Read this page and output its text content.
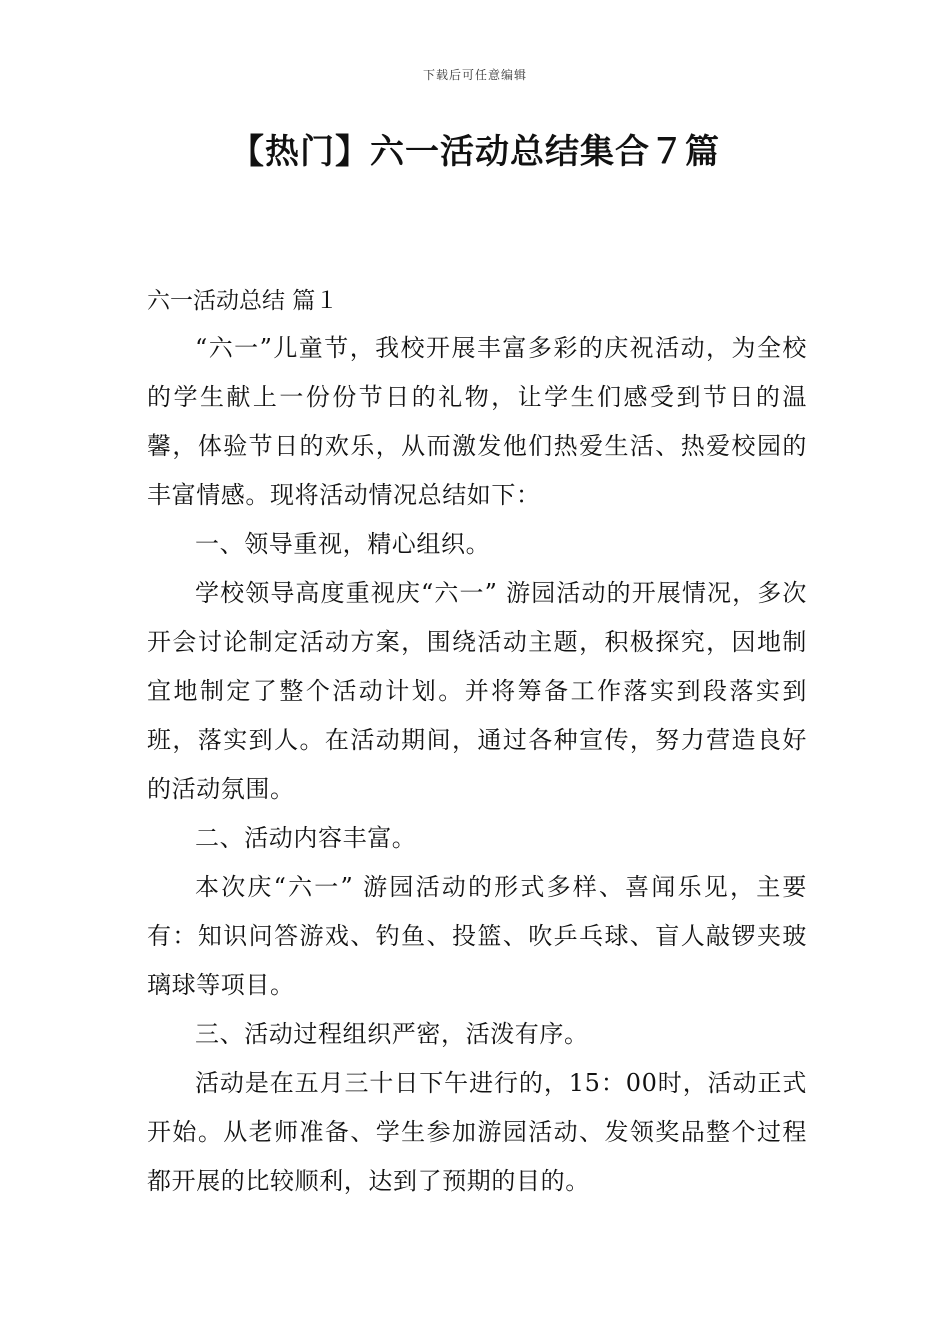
下载后可任意编辑
【热门】六一活动总结集合７篇

六一活动总结 篇１

“六一”儿童节，我校开展丰富多彩的庆祝活动，为全校的学生献上一份份节日的礼物，让学生们感受到节日的温馨，体验节日的欢乐，从而激发他们热爱生活、热爱校园的丰富情感。现将活动情况总结如下：

一、领导重视，精心组织。

学校领导高度重视庆“六一” 游园活动的开展情况，多次开会讨论制定活动方案，围绕活动主题，积极探究，因地制宜地制定了整个活动计划。并将筹备工作落实到段落实到班，落实到人。在活动期间，通过各种宣传，努力营造良好的活动氛围。

二、活动内容丰富。

本次庆“六一” 游园活动的形式多样、喜闻乐见，主要有：知识问答游戏、钓鱼、投篮、吹乒乓球、盲人敲锣夹玻璃球等项目。

三、活动过程组织严密，活泼有序。

活动是在五月三十日下午进行的，15：00时，活动正式开始。从老师准备、学生参加游园活动、发领奖品整个过程都开展的比较顺利，达到了预期的目的。
